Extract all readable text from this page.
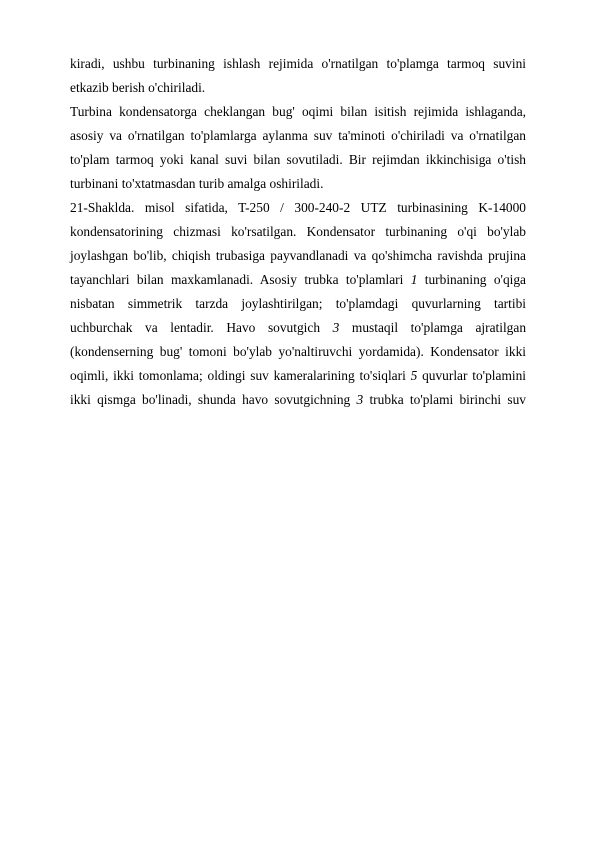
kiradi, ushbu turbinaning ishlash rejimida o'rnatilgan to'plamga tarmoq suvini etkazib berish o'chiriladi.

Turbina kondensatorga cheklangan bug' oqimi bilan isitish rejimida ishlaganda, asosiy va o'rnatilgan to'plamlarga aylanma suv ta'minoti o'chiriladi va o'rnatilgan to'plam tarmoq yoki kanal suvi bilan sovutiladi. Bir rejimdan ikkinchisiga o'tish turbinani to'xtatmasdan turib amalga oshiriladi.

21-Shaklda. misol sifatida, T-250 / 300-240-2 UTZ turbinasining K-14000 kondensatorining chizmasi ko'rsatilgan. Kondensator turbinaning o'qi bo'ylab joylashgan bo'lib, chiqish trubasiga payvandlanadi va qo'shimcha ravishda prujina tayanchlari bilan maxkamlanadi. Asosiy trubka to'plamlari 1 turbinaning o'qiga nisbatan simmetrik tarzda joylashtirilgan; to'plamdagi quvurlarning tartibi uchburchak va lentadir. Havo sovutgich 3 mustaqil to'plamga ajratilgan (kondenserning bug' tomoni bo'ylab yo'naltiruvchi yordamida). Kondensator ikki oqimli, ikki tomonlama; oldingi suv kameralarining to'siqlari 5 quvurlar to'plamini ikki qismga bo'linadi, shunda havo sovutgichning 3 trubka to'plami birinchi suv
